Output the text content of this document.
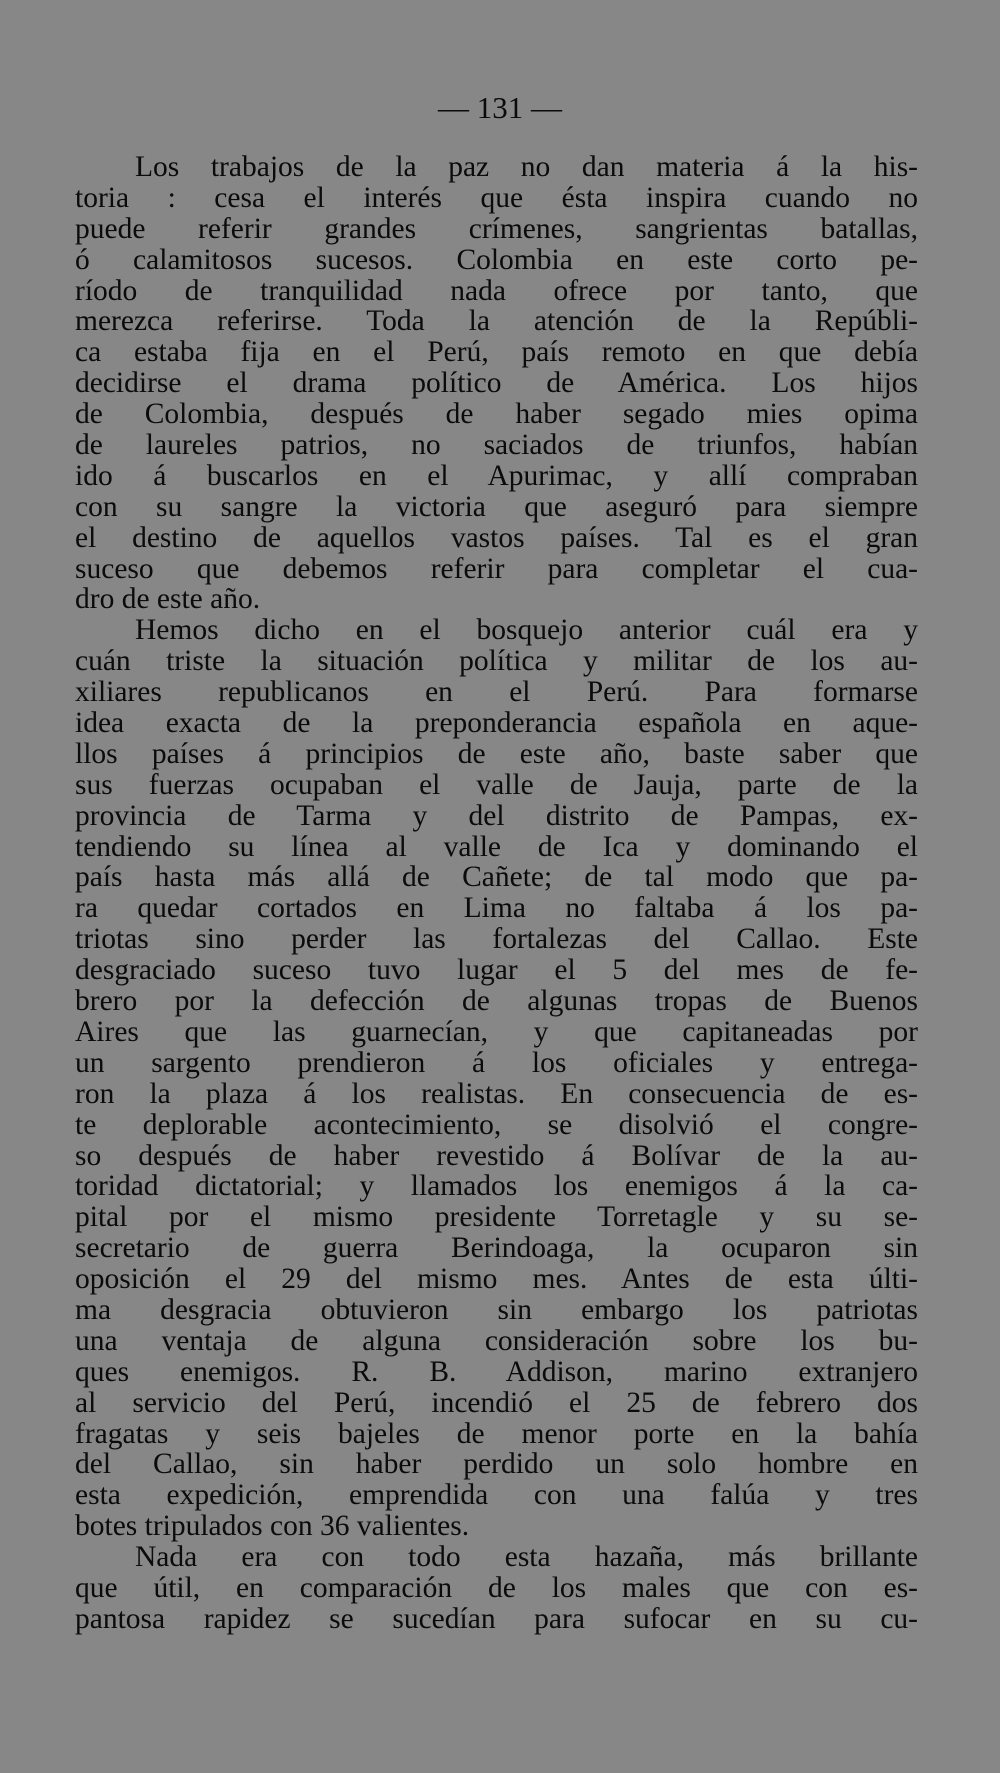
— 131 —
Los trabajos de la paz no dan materia á la his-
toria : cesa el interés que ésta inspira cuando no
puede referir grandes crímenes, sangrientas batallas,
ó calamitosos sucesos. Colombia en este corto pe-
ríodo de tranquilidad nada ofrece por tanto, que
merezca referirse. Toda la atención de la Repúbli-
ca estaba fija en el Perú, país remoto en que debía
decidirse el drama político de América. Los hijos
de Colombia, después de haber segado mies opima
de laureles patrios, no saciados de triunfos, habían
ido á buscarlos en el Apurimac, y allí compraban
con su sangre la victoria que aseguró para siempre
el destino de aquellos vastos países. Tal es el gran
suceso que debemos referir para completar el cua-
dro de este año.
Hemos dicho en el bosquejo anterior cuál era y
cuán triste la situación política y militar de los au-
xiliares republicanos en el Perú. Para formarse
idea exacta de la preponderancia española en aque-
llos países á principios de este año, baste saber que
sus fuerzas ocupaban el valle de Jauja, parte de la
provincia de Tarma y del distrito de Pampas, ex-
tendiendo su línea al valle de Ica y dominando el
país hasta más allá de Cañete; de tal modo que pa-
ra quedar cortados en Lima no faltaba á los pa-
triotas sino perder las fortalezas del Callao. Este
desgraciado suceso tuvo lugar el 5 del mes de fe-
brero por la defección de algunas tropas de Buenos
Aires que las guarnecían, y que capitaneadas por
un sargento prendieron á los oficiales y entrega-
ron la plaza á los realistas. En consecuencia de es-
te deplorable acontecimiento, se disolvió el congre-
so después de haber revestido á Bolívar de la au-
toridad dictatorial; y llamados los enemigos á la ca-
pital por el mismo presidente Torretagle y su se-
secretario de guerra Berindoaga, la ocuparon sin
oposición el 29 del mismo mes. Antes de esta últi-
ma desgracia obtuvieron sin embargo los patriotas
una ventaja de alguna consideración sobre los bu-
ques enemigos. R. B. Addison, marino extranjero
al servicio del Perú, incendió el 25 de febrero dos
fragatas y seis bajeles de menor porte en la bahía
del Callao, sin haber perdido un solo hombre en
esta expedición, emprendida con una falúa y tres
botes tripulados con 36 valientes.
Nada era con todo esta hazaña, más brillante
que útil, en comparación de los males que con es-
pantosa rapidez se sucedían para sufocar en su cu-
